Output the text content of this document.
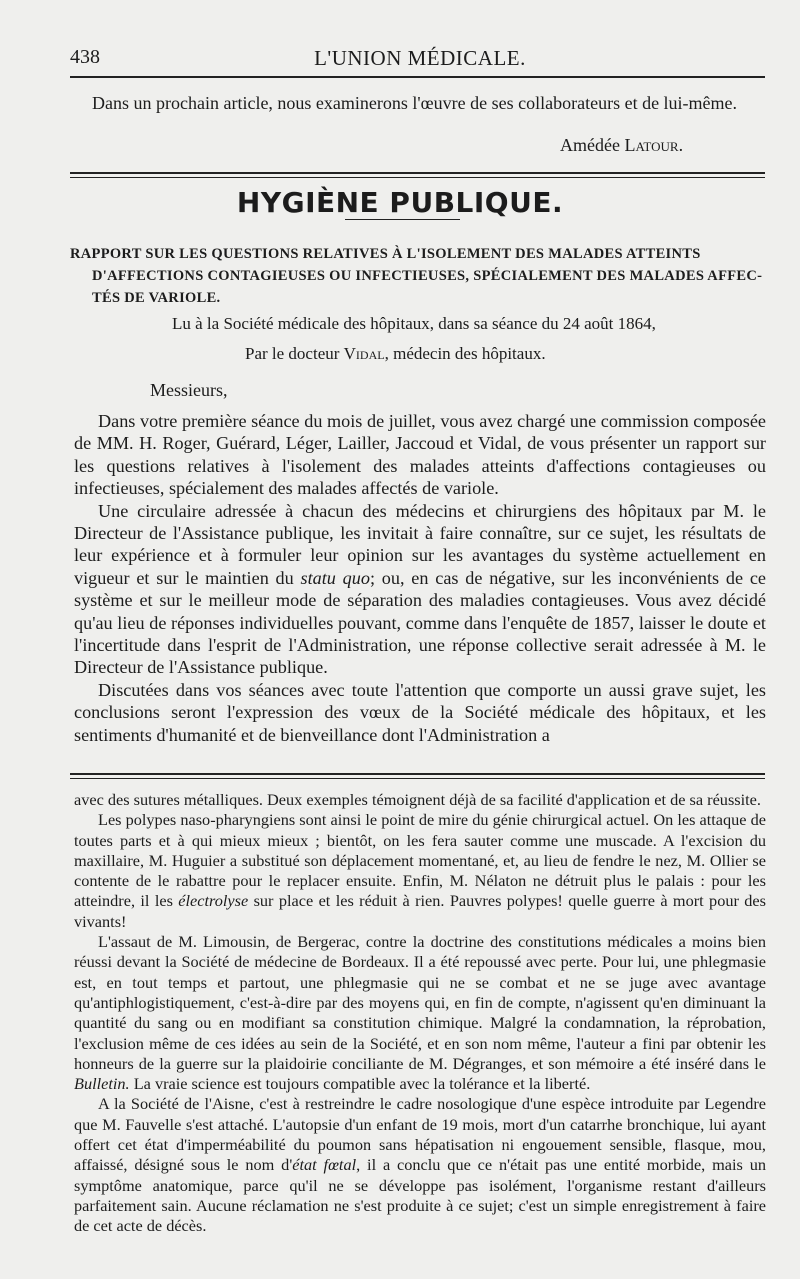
438	L'UNION MÉDICALE.
Dans un prochain article, nous examinerons l'œuvre de ses collaborateurs et de lui-même.
Amédée Latour.
HYGIÈNE PUBLIQUE.
RAPPORT SUR LES QUESTIONS RELATIVES À L'ISOLEMENT DES MALADES ATTEINTS
D'AFFECTIONS CONTAGIEUSES OU INFECTIEUSES, SPÉCIALEMENT DES MALADES AFFEC-
TÉS DE VARIOLE.
Lu à la Société médicale des hôpitaux, dans sa séance du 24 août 1864,
Par le docteur Vidal, médecin des hôpitaux.
Messieurs,

Dans votre première séance du mois de juillet, vous avez chargé une commission composée de MM. H. Roger, Guérard, Léger, Lailler, Jaccoud et Vidal, de vous présenter un rapport sur les questions relatives à l'isolement des malades atteints d'affections contagieuses ou infectieuses, spécialement des malades affectés de variole.

Une circulaire adressée à chacun des médecins et chirurgiens des hôpitaux par M. le Directeur de l'Assistance publique, les invitait à faire connaître, sur ce sujet, les résultats de leur expérience et à formuler leur opinion sur les avantages du système actuellement en vigueur et sur le maintien du statu quo; ou, en cas de négative, sur les inconvénients de ce système et sur le meilleur mode de séparation des maladies contagieuses. Vous avez décidé qu'au lieu de réponses individuelles pouvant, comme dans l'enquête de 1857, laisser le doute et l'incertitude dans l'esprit de l'Administration, une réponse collective serait adressée à M. le Directeur de l'Assistance publique.

Discutées dans vos séances avec toute l'attention que comporte un aussi grave sujet, les conclusions seront l'expression des vœux de la Société médicale des hôpitaux, et les sentiments d'humanité et de bienveillance dont l'Administration a

avec des sutures métalliques. Deux exemples témoignent déjà de sa facilité d'application et de sa réussite.

Les polypes naso-pharyngiens sont ainsi le point de mire du génie chirurgical actuel. On les attaque de toutes parts et à qui mieux mieux ; bientôt, on les fera sauter comme une muscade. A l'excision du maxillaire, M. Huguier a substitué son déplacement momentané, et, au lieu de fendre le nez, M. Ollier se contente de le rabattre pour le replacer ensuite. Enfin, M. Nélaton ne détruit plus le palais : pour les atteindre, il les électrolyse sur place et les réduit à rien. Pauvres polypes! quelle guerre à mort pour des vivants!

L'assaut de M. Limousin, de Bergerac, contre la doctrine des constitutions médicales a moins bien réussi devant la Société de médecine de Bordeaux. Il a été repoussé avec perte. Pour lui, une phlegmasie est, en tout temps et partout, une phlegmasie qui ne se combat et ne se juge avec avantage qu'antiphlogistiquement, c'est-à-dire par des moyens qui, en fin de compte, n'agissent qu'en diminuant la quantité du sang ou en modifiant sa constitution chimique. Malgré la condamnation, la réprobation, l'exclusion même de ces idées au sein de la Société, et en son nom même, l'auteur a fini par obtenir les honneurs de la guerre sur la plaidoirie conciliante de M. Dégranges, et son mémoire a été inséré dans le Bulletin. La vraie science est toujours compatible avec la tolérance et la liberté.

A la Société de l'Aisne, c'est à restreindre le cadre nosologique d'une espèce introduite par Legendre que M. Fauvelle s'est attaché. L'autopsie d'un enfant de 19 mois, mort d'un catarrhe bronchique, lui ayant offert cet état d'imperméabilité du poumon sans hépatisation ni engouement sensible, flasque, mou, affaissé, désigné sous le nom d'état fœtal, il a conclu que ce n'était pas une entité morbide, mais un symptôme anatomique, parce qu'il ne se développe pas isolément, l'organisme restant d'ailleurs parfaitement sain. Aucune réclamation ne s'est produite à ce sujet; c'est un simple enregistrement à faire de cet acte de décès.
